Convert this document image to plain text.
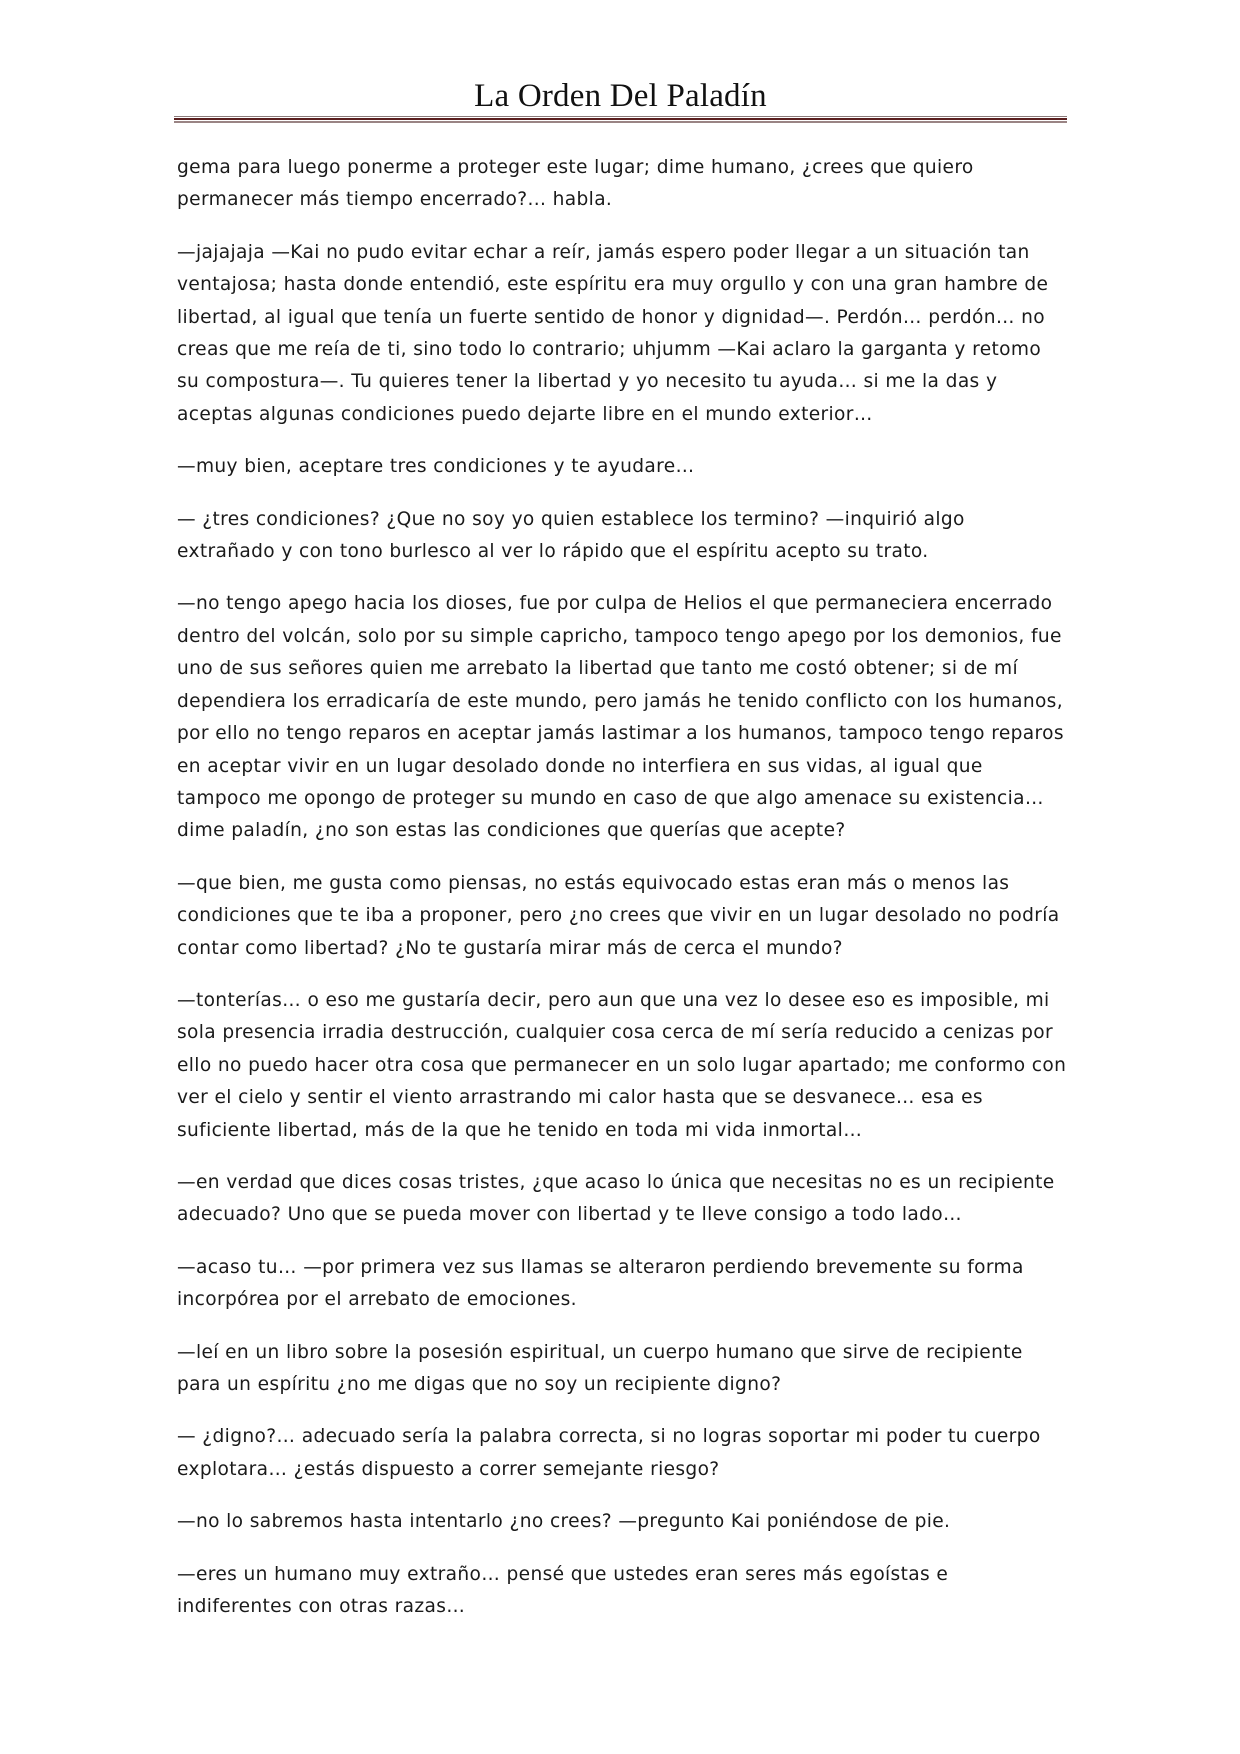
La Orden Del Paladín

gema para luego ponerme a proteger este lugar; dime humano, ¿crees que quiero permanecer más tiempo encerrado?... habla.

—jajajaja —Kai no pudo evitar echar a reír, jamás espero poder llegar a un situación tan ventajosa; hasta donde entendió, este espíritu era muy orgullo y con una gran hambre de libertad, al igual que tenía un fuerte sentido de honor y dignidad—. Perdón… perdón… no creas que me reía de ti, sino todo lo contrario; uhjumm —Kai aclaro la garganta y retomo su compostura—. Tu quieres tener la libertad y yo necesito tu ayuda… si me la das y aceptas algunas condiciones puedo dejarte libre en el mundo exterior…

—muy bien, aceptare tres condiciones y te ayudare…

— ¿tres condiciones? ¿Que no soy yo quien establece los termino? —inquirió algo extrañado y con tono burlesco al ver lo rápido que el espíritu acepto su trato.

—no tengo apego hacia los dioses, fue por culpa de Helios el que permaneciera encerrado dentro del volcán, solo por su simple capricho, tampoco tengo apego por los demonios, fue uno de sus señores quien me arrebato la libertad que tanto me costó obtener; si de mí dependiera los erradicaría de este mundo, pero jamás he tenido conflicto con los humanos, por ello no tengo reparos en aceptar jamás lastimar a los humanos, tampoco tengo reparos en aceptar vivir en un lugar desolado donde no interfiera en sus vidas, al igual que tampoco me opongo de proteger su mundo en caso de que algo amenace su existencia… dime paladín, ¿no son estas las condiciones que querías que acepte?

—que bien, me gusta como piensas, no estás equivocado estas eran más o menos las condiciones que te iba a proponer, pero ¿no crees que vivir en un lugar desolado no podría contar como libertad? ¿No te gustaría mirar más de cerca el mundo?

—tonterías… o eso me gustaría decir, pero aun que una vez lo desee eso es imposible, mi sola presencia irradia destrucción, cualquier cosa cerca de mí sería reducido a cenizas por ello no puedo hacer otra cosa que permanecer en un solo lugar apartado; me conformo con ver el cielo y sentir el viento arrastrando mi calor hasta que se desvanece… esa es suficiente libertad, más de la que he tenido en toda mi vida inmortal…

—en verdad que dices cosas tristes, ¿que acaso lo única que necesitas no es un recipiente adecuado? Uno que se pueda mover con libertad y te lleve consigo a todo lado…

—acaso tu… —por primera vez sus llamas se alteraron perdiendo brevemente su forma incorpórea por el arrebato de emociones.

—leí en un libro sobre la posesión espiritual, un cuerpo humano que sirve de recipiente para un espíritu ¿no me digas que no soy un recipiente digno?

— ¿digno?… adecuado sería la palabra correcta, si no logras soportar mi poder tu cuerpo explotara… ¿estás dispuesto a correr semejante riesgo?

—no lo sabremos hasta intentarlo ¿no crees? —pregunto Kai poniéndose de pie.

—eres un humano muy extraño… pensé que ustedes eran seres más egoístas e indiferentes con otras razas…
